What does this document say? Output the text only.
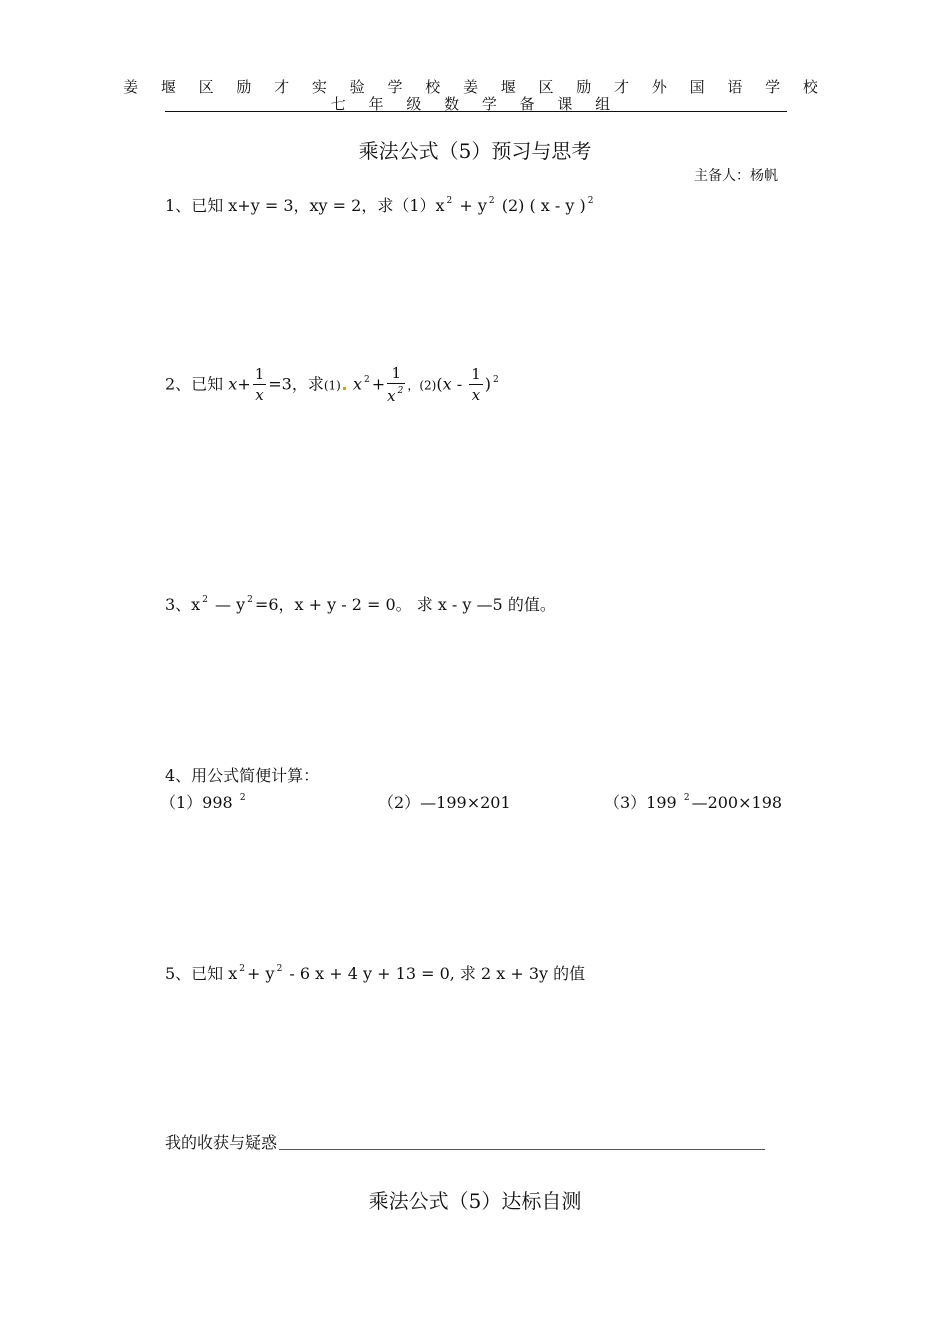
姜 堰 区 励 才 实 验 学 校 姜 堰 区 励 才 外 国 语 学 校
七 年 级 数 学 备 课 组
乘法公式（5）预习与思考
主备人：杨帆
1、已知 x+y = 3，xy = 2，求（1）x $^2$ + y $^2$ (2) ( x - y ) $^2$
2、已知 $x+ \frac{1}{x} =3$，求(1) x $^2 + \frac{1}{x ^2}$ ，$(2)(x - \frac{1}{x}$ ) $^2$
3、x $^2$ — y $^2$ =6，x + y - 2 = 0。 求 x - y —5 的值。
4、用公式简便计算：
（1）998 $^2$	（2）—199×201	（3）199 $^2$ —200×198
5、已知 x $^2$ + y $^2$ - 6 x + 4 y + 13 = 0, 求 2 x + 3y 的值
我的收获与疑惑
乘法公式（5）达标自测
